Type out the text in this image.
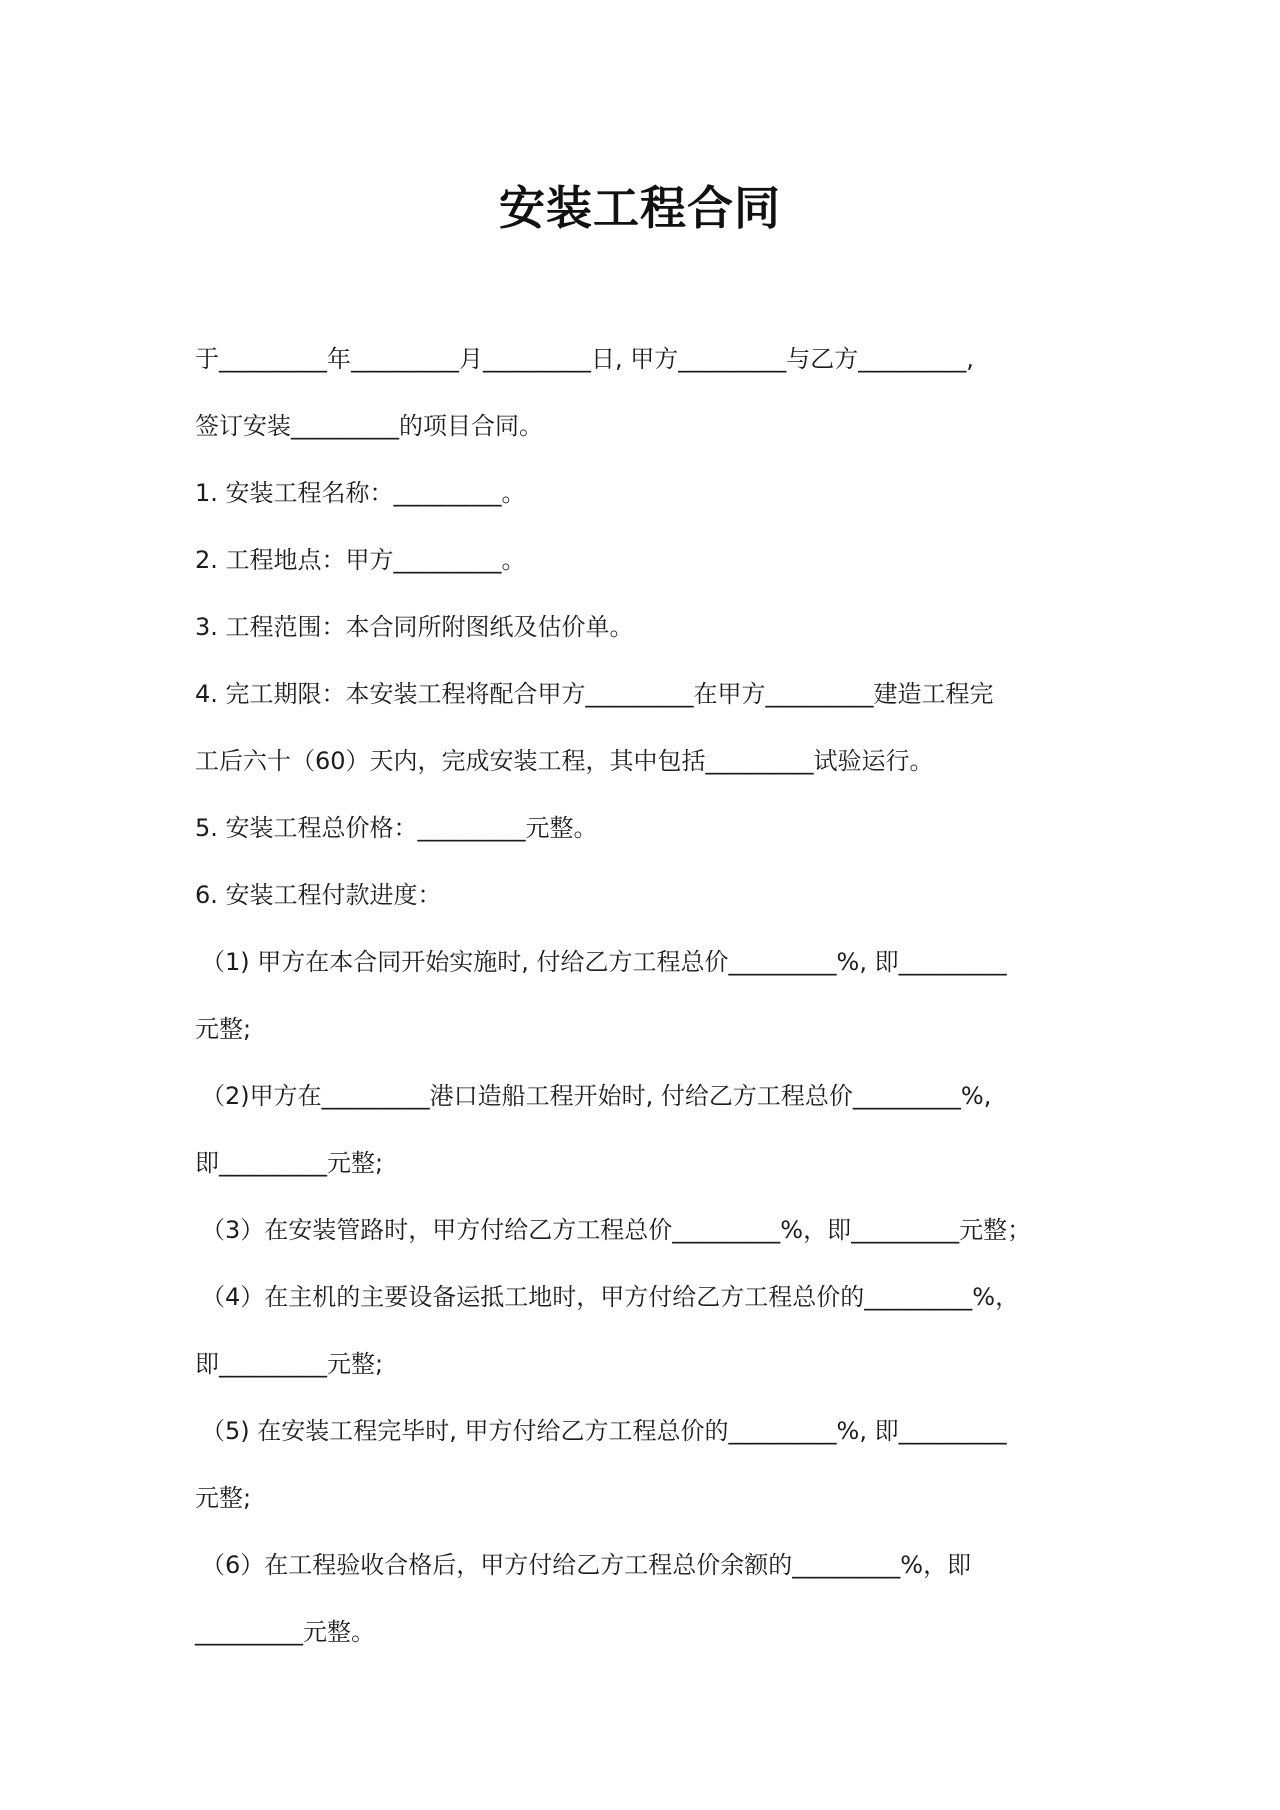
安装工程合同
于_________年_________月_________日, 甲方_________与乙方_________,
签订安装_________的项目合同。
1. 安装工程名称：_________。
2. 工程地点：甲方_________。
3. 工程范围：本合同所附图纸及估价单。
4. 完工期限：本安装工程将配合甲方_________在甲方_________建造工程完
工后六十（60）天内，完成安装工程，其中包括_________试验运行。
5. 安装工程总价格：_________元整。
6. 安装工程付款进度：
（1) 甲方在本合同开始实施时, 付给乙方工程总价_________%, 即_________
元整;
（2)甲方在_________港口造船工程开始时, 付给乙方工程总价_________%,
即_________元整;
（3）在安装管路时，甲方付给乙方工程总价_________%，即_________元整；
（4）在主机的主要设备运抵工地时，甲方付给乙方工程总价的_________%，
即_________元整;
（5) 在安装工程完毕时, 甲方付给乙方工程总价的_________%, 即_________
元整;
（6）在工程验收合格后，甲方付给乙方工程总价余额的_________%，即
_________元整。
